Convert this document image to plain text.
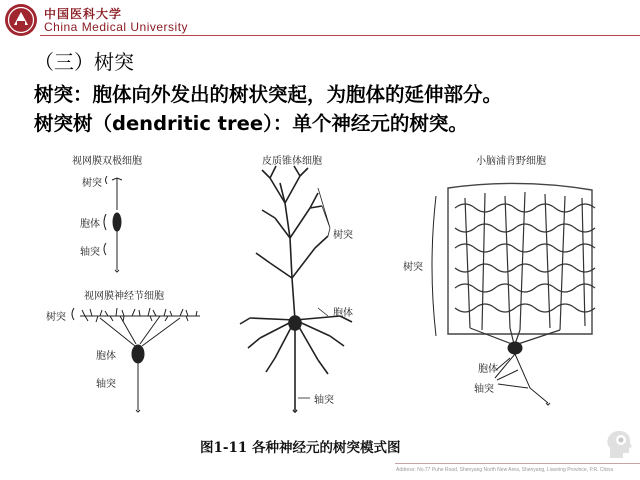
中国医科大学
China Medical University
（三）树突
树突：胞体向外发出的树状突起，为胞体的延伸部分。
树突树（dendritic tree）：单个神经元的树突。
视网膜双极细胞
树突
胞体
轴突
视网膜神经节细胞
树突
胞体
轴突
皮质锥体细胞
树突
胞体
轴突
小脑浦肯野细胞
树突
胞体
轴突
图1-11 各种神经元的树突模式图
Address: No.77 Puhe Road, Shenyang North New Area, Shenyang, Liaoning Province, P.R. China
